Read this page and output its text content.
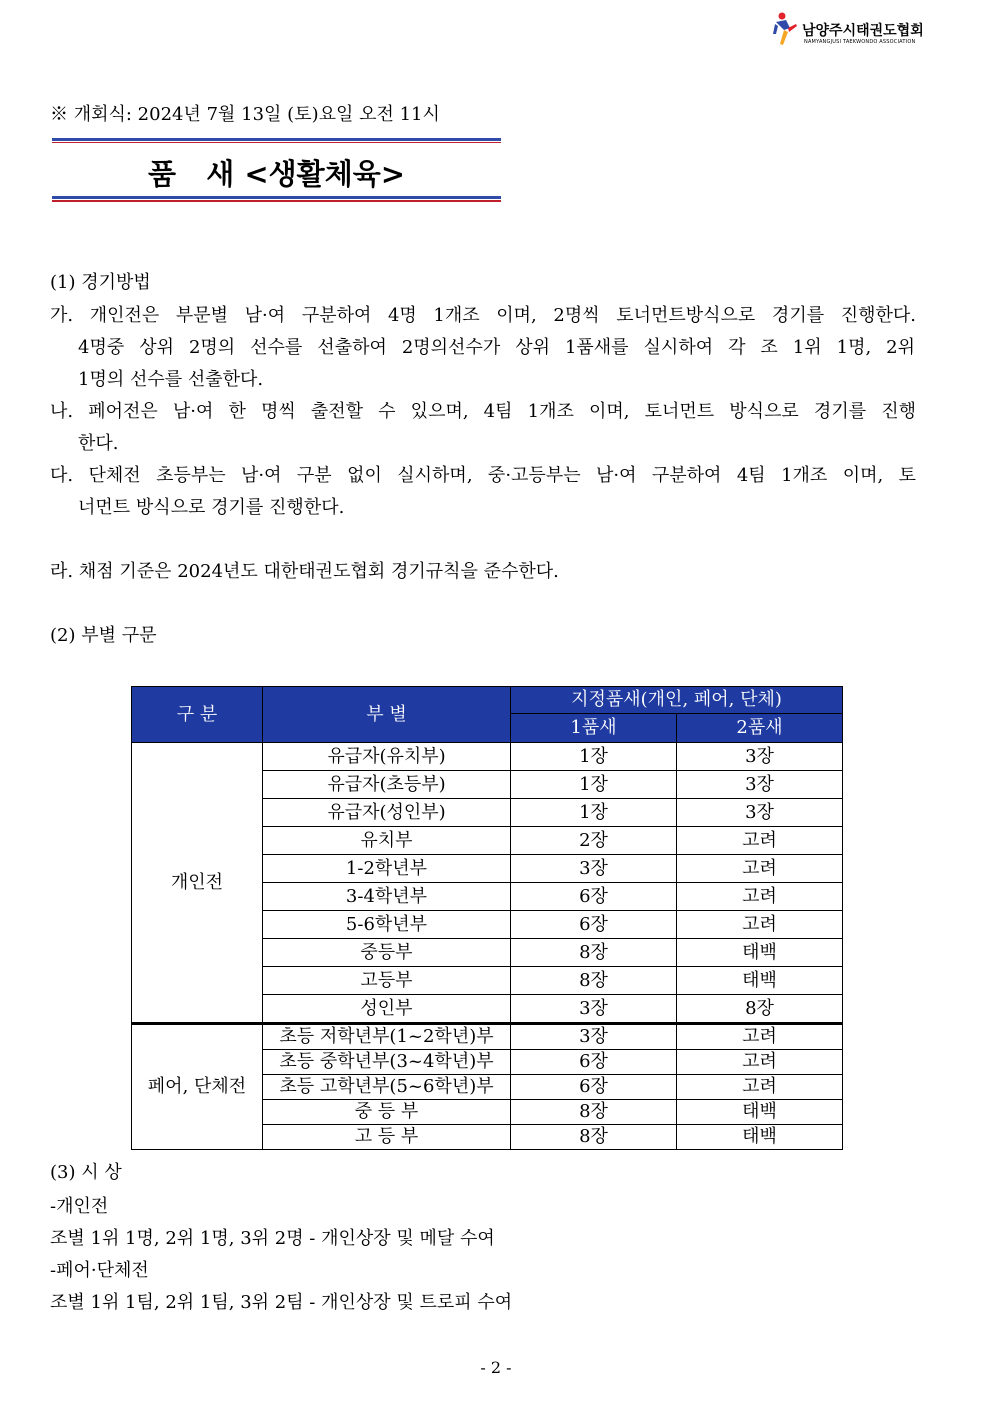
남양주시태권도협회
NAMYANGJUSI TAEKWONDO ASSOCIATION
※ 개회식: 2024년 7월 13일 (토)요일 오전 11시
품   새 <생활체육>
(1) 경기방법
가. 개인전은 부문별 남·여 구분하여 4명 1개조 이며, 2명씩 토너먼트방식으로 경기를 진행한다.
4명중 상위 2명의 선수를 선출하여 2명의선수가 상위 1품새를 실시하여 각 조 1위 1명, 2위
1명의 선수를 선출한다.
나. 페어전은 남·여 한 명씩 출전할 수 있으며, 4팀 1개조 이며, 토너먼트 방식으로 경기를 진행
한다.
다. 단체전 초등부는 남·여 구분 없이 실시하며, 중·고등부는 남·여 구분하여 4팀 1개조 이며, 토
너먼트 방식으로 경기를 진행한다.
라. 채점 기준은 2024년도 대한태권도협회 경기규칙을 준수한다.
(2) 부별 구문
구 분	부 별	지정품새(개인, 페어, 단체)	
		1품새	2품새
개인전	유급자(유치부)	1장	3장
	유급자(초등부)	1장	3장
	유급자(성인부)	1장	3장
	유치부	2장	고려
	1-2학년부	3장	고려
	3-4학년부	6장	고려
	5-6학년부	6장	고려
	중등부	8장	태백
	고등부	8장	태백
	성인부	3장	8장
페어, 단체전	초등 저학년부(1~2학년)부	3장	고려
	초등 중학년부(3~4학년)부	6장	고려
	초등 고학년부(5~6학년)부	6장	고려
	중 등 부	8장	태백
	고 등 부	8장	태백
(3) 시 상
-개인전
조별 1위 1명, 2위 1명, 3위 2명 - 개인상장 및 메달 수여
-페어·단체전
조별 1위 1팀, 2위 1팀, 3위 2팀 - 개인상장 및 트로피 수여
- 2 -
